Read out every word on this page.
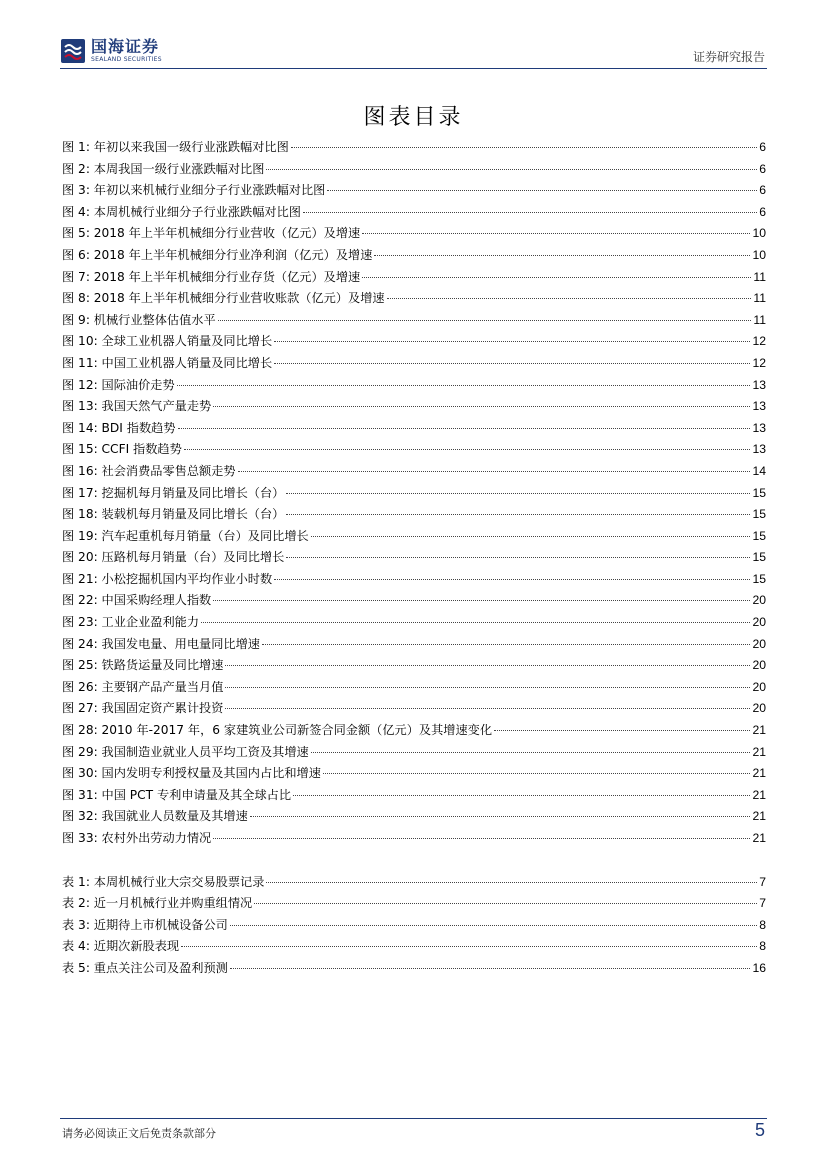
国海证券
SEALAND SECURITIES	证券研究报告
图表目录
图 1: 年初以来我国一级行业涨跌幅对比图	6
图 2: 本周我国一级行业涨跌幅对比图	6
图 3: 年初以来机械行业细分子行业涨跌幅对比图	6
图 4: 本周机械行业细分子行业涨跌幅对比图	6
图 5: 2018 年上半年机械细分行业营收（亿元）及增速	10
图 6: 2018 年上半年机械细分行业净利润（亿元）及增速	10
图 7: 2018 年上半年机械细分行业存货（亿元）及增速	11
图 8: 2018 年上半年机械细分行业营收账款（亿元）及增速	11
图 9: 机械行业整体估值水平	11
图 10: 全球工业机器人销量及同比增长	12
图 11: 中国工业机器人销量及同比增长	12
图 12: 国际油价走势	13
图 13: 我国天然气产量走势	13
图 14: BDI 指数趋势	13
图 15: CCFI 指数趋势	13
图 16: 社会消费品零售总额走势	14
图 17: 挖掘机每月销量及同比增长（台）	15
图 18: 装载机每月销量及同比增长（台）	15
图 19: 汽车起重机每月销量（台）及同比增长	15
图 20: 压路机每月销量（台）及同比增长	15
图 21: 小松挖掘机国内平均作业小时数	15
图 22: 中国采购经理人指数	20
图 23: 工业企业盈利能力	20
图 24: 我国发电量、用电量同比增速	20
图 25: 铁路货运量及同比增速	20
图 26: 主要钢产品产量当月值	20
图 27: 我国固定资产累计投资	20
图 28: 2010 年-2017 年，6 家建筑业公司新签合同金额（亿元）及其增速变化	21
图 29: 我国制造业就业人员平均工资及其增速	21
图 30: 国内发明专利授权量及其国内占比和增速	21
图 31: 中国 PCT 专利申请量及其全球占比	21
图 32: 我国就业人员数量及其增速	21
图 33: 农村外出劳动力情况	21
表 1: 本周机械行业大宗交易股票记录	7
表 2: 近一月机械行业并购重组情况	7
表 3: 近期待上市机械设备公司	8
表 4: 近期次新股表现	8
表 5: 重点关注公司及盈利预测	16
请务必阅读正文后免责条款部分	5
